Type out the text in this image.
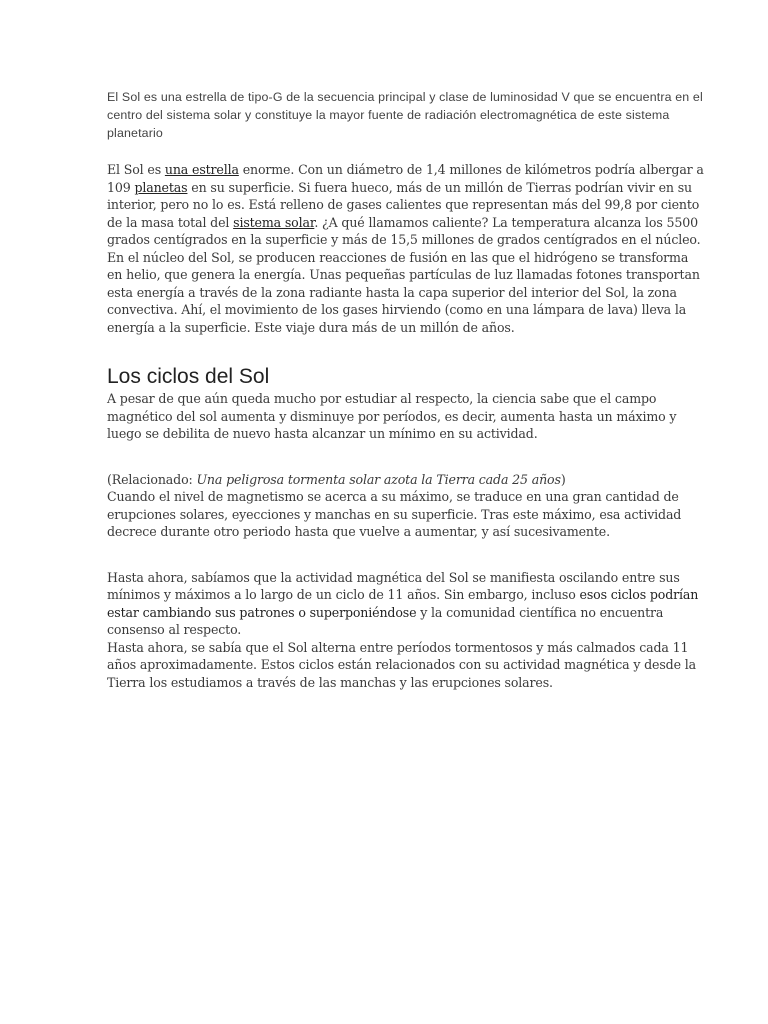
El Sol es una estrella de tipo-G de la secuencia principal y clase de luminosidad V que se encuentra en el centro del sistema solar y constituye la mayor fuente de radiación electromagnética de este sistema planetario

El Sol es una estrella enorme. Con un diámetro de 1,4 millones de kilómetros podría albergar a 109 planetas en su superficie. Si fuera hueco, más de un millón de Tierras podrían vivir en su interior, pero no lo es. Está relleno de gases calientes que representan más del 99,8 por ciento de la masa total del sistema solar. ¿A qué llamamos caliente? La temperatura alcanza los 5500 grados centígrados en la superficie y más de 15,5 millones de grados centígrados en el núcleo.

En el núcleo del Sol, se producen reacciones de fusión en las que el hidrógeno se transforma en helio, que genera la energía. Unas pequeñas partículas de luz llamadas fotones transportan esta energía a través de la zona radiante hasta la capa superior del interior del Sol, la zona convectiva. Ahí, el movimiento de los gases hirviendo (como en una lámpara de lava) lleva la energía a la superficie. Este viaje dura más de un millón de años.

Los ciclos del Sol

A pesar de que aún queda mucho por estudiar al respecto, la ciencia sabe que el campo magnético del sol aumenta y disminuye por períodos, es decir, aumenta hasta un máximo y luego se debilita de nuevo hasta alcanzar un mínimo en su actividad.

(Relacionado: Una peligrosa tormenta solar azota la Tierra cada 25 años)

Cuando el nivel de magnetismo se acerca a su máximo, se traduce en una gran cantidad de erupciones solares, eyecciones y manchas en su superficie. Tras este máximo, esa actividad decrece durante otro periodo hasta que vuelve a aumentar, y así sucesivamente.

Hasta ahora, sabíamos que la actividad magnética del Sol se manifiesta oscilando entre sus mínimos y máximos a lo largo de un ciclo de 11 años. Sin embargo, incluso esos ciclos podrían estar cambiando sus patrones o superponiéndose y la comunidad científica no encuentra consenso al respecto.

Hasta ahora, se sabía que el Sol alterna entre períodos tormentosos y más calmados cada 11 años aproximadamente. Estos ciclos están relacionados con su actividad magnética y desde la Tierra los estudiamos a través de las manchas y las erupciones solares.
